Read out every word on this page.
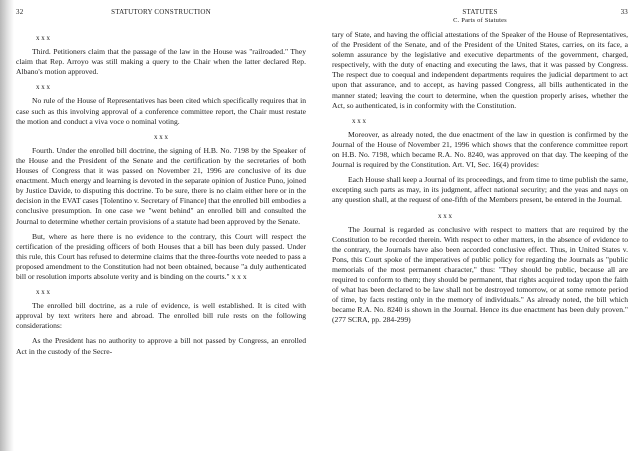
32	STATUTORY CONSTRUCTION

x x x

Third. Petitioners claim that the passage of the law in the House was "railroaded." They claim that Rep. Arroyo was still making a query to the Chair when the latter declared Rep. Albano's motion approved.

x x x

No rule of the House of Representatives has been cited which specifically requires that in case such as this involving approval of a conference committee report, the Chair must restate the motion and conduct a viva voce o nominal voting.

x x x

Fourth. Under the enrolled bill doctrine, the signing of H.B. No. 7198 by the Speaker of the House and the President of the Senate and the certification by the secretaries of both Houses of Congress that it was passed on November 21, 1996 are conclusive of its due enactment. Much energy and learning is devoted in the separate opinion of Justice Puno, joined by Justice Davide, to disputing this doctrine. To be sure, there is no claim either here or in the decision in the EVAT cases [Tolentino v. Secretary of Finance] that the enrolled bill embodies a conclusive presumption. In one case we "went behind" an enrolled bill and consulted the Journal to determine whether certain provisions of a statute had been approved by the Senate.

But, where as here there is no evidence to the contrary, this Court will respect the certification of the presiding officers of both Houses that a bill has been duly passed. Under this rule, this Court has refused to determine claims that the three-fourths vote needed to pass a proposed amendment to the Constitution had not been obtained, because "a duly authenticated bill or resolution imports absolute verity and is binding on the courts." x x x

x x x

The enrolled bill doctrine, as a rule of evidence, is well established. It is cited with approval by text writers here and abroad. The enrolled bill rule rests on the following considerations:

As the President has no authority to approve a bill not passed by Congress, an enrolled Act in the custody of the Secre-

STATUTES
C. Parts of Statutes
33

tary of State, and having the official attestations of the Speaker of the House of Representatives, of the President of the Senate, and of the President of the United States, carries, on its face, a solemn assurance by the legislative and executive departments of the government, charged, respectively, with the duty of enacting and executing the laws, that it was passed by Congress. The respect due to coequal and independent departments requires the judicial department to act upon that assurance, and to accept, as having passed Congress, all bills authenticated in the manner stated; leaving the court to determine, when the question properly arises, whether the Act, so authenticated, is in conformity with the Constitution.

x x x

Moreover, as already noted, the due enactment of the law in question is confirmed by the Journal of the House of November 21, 1996 which shows that the conference committee report on H.B. No. 7198, which became R.A. No. 8240, was approved on that day. The keeping of the Journal is required by the Constitution. Art. VI, Sec. 16(4) provides:

Each House shall keep a Journal of its proceedings, and from time to time publish the same, excepting such parts as may, in its judgment, affect national security; and the yeas and nays on any question shall, at the request of one-fifth of the Members present, be entered in the Journal.

x x x

The Journal is regarded as conclusive with respect to matters that are required by the Constitution to be recorded therein. With respect to other matters, in the absence of evidence to the contrary, the Journals have also been accorded conclusive effect. Thus, in United States v. Pons, this Court spoke of the imperatives of public policy for regarding the Journals as "public memorials of the most permanent character," thus: "They should be public, because all are required to conform to them; they should be permanent, that rights acquired today upon the faith of what has been declared to be law shall not be destroyed tomorrow, or at some remote period of time, by facts resting only in the memory of individuals." As already noted, the bill which became R.A. No. 8240 is shown in the Journal. Hence its due enactment has been duly proven." (277 SCRA, pp. 284-299)
